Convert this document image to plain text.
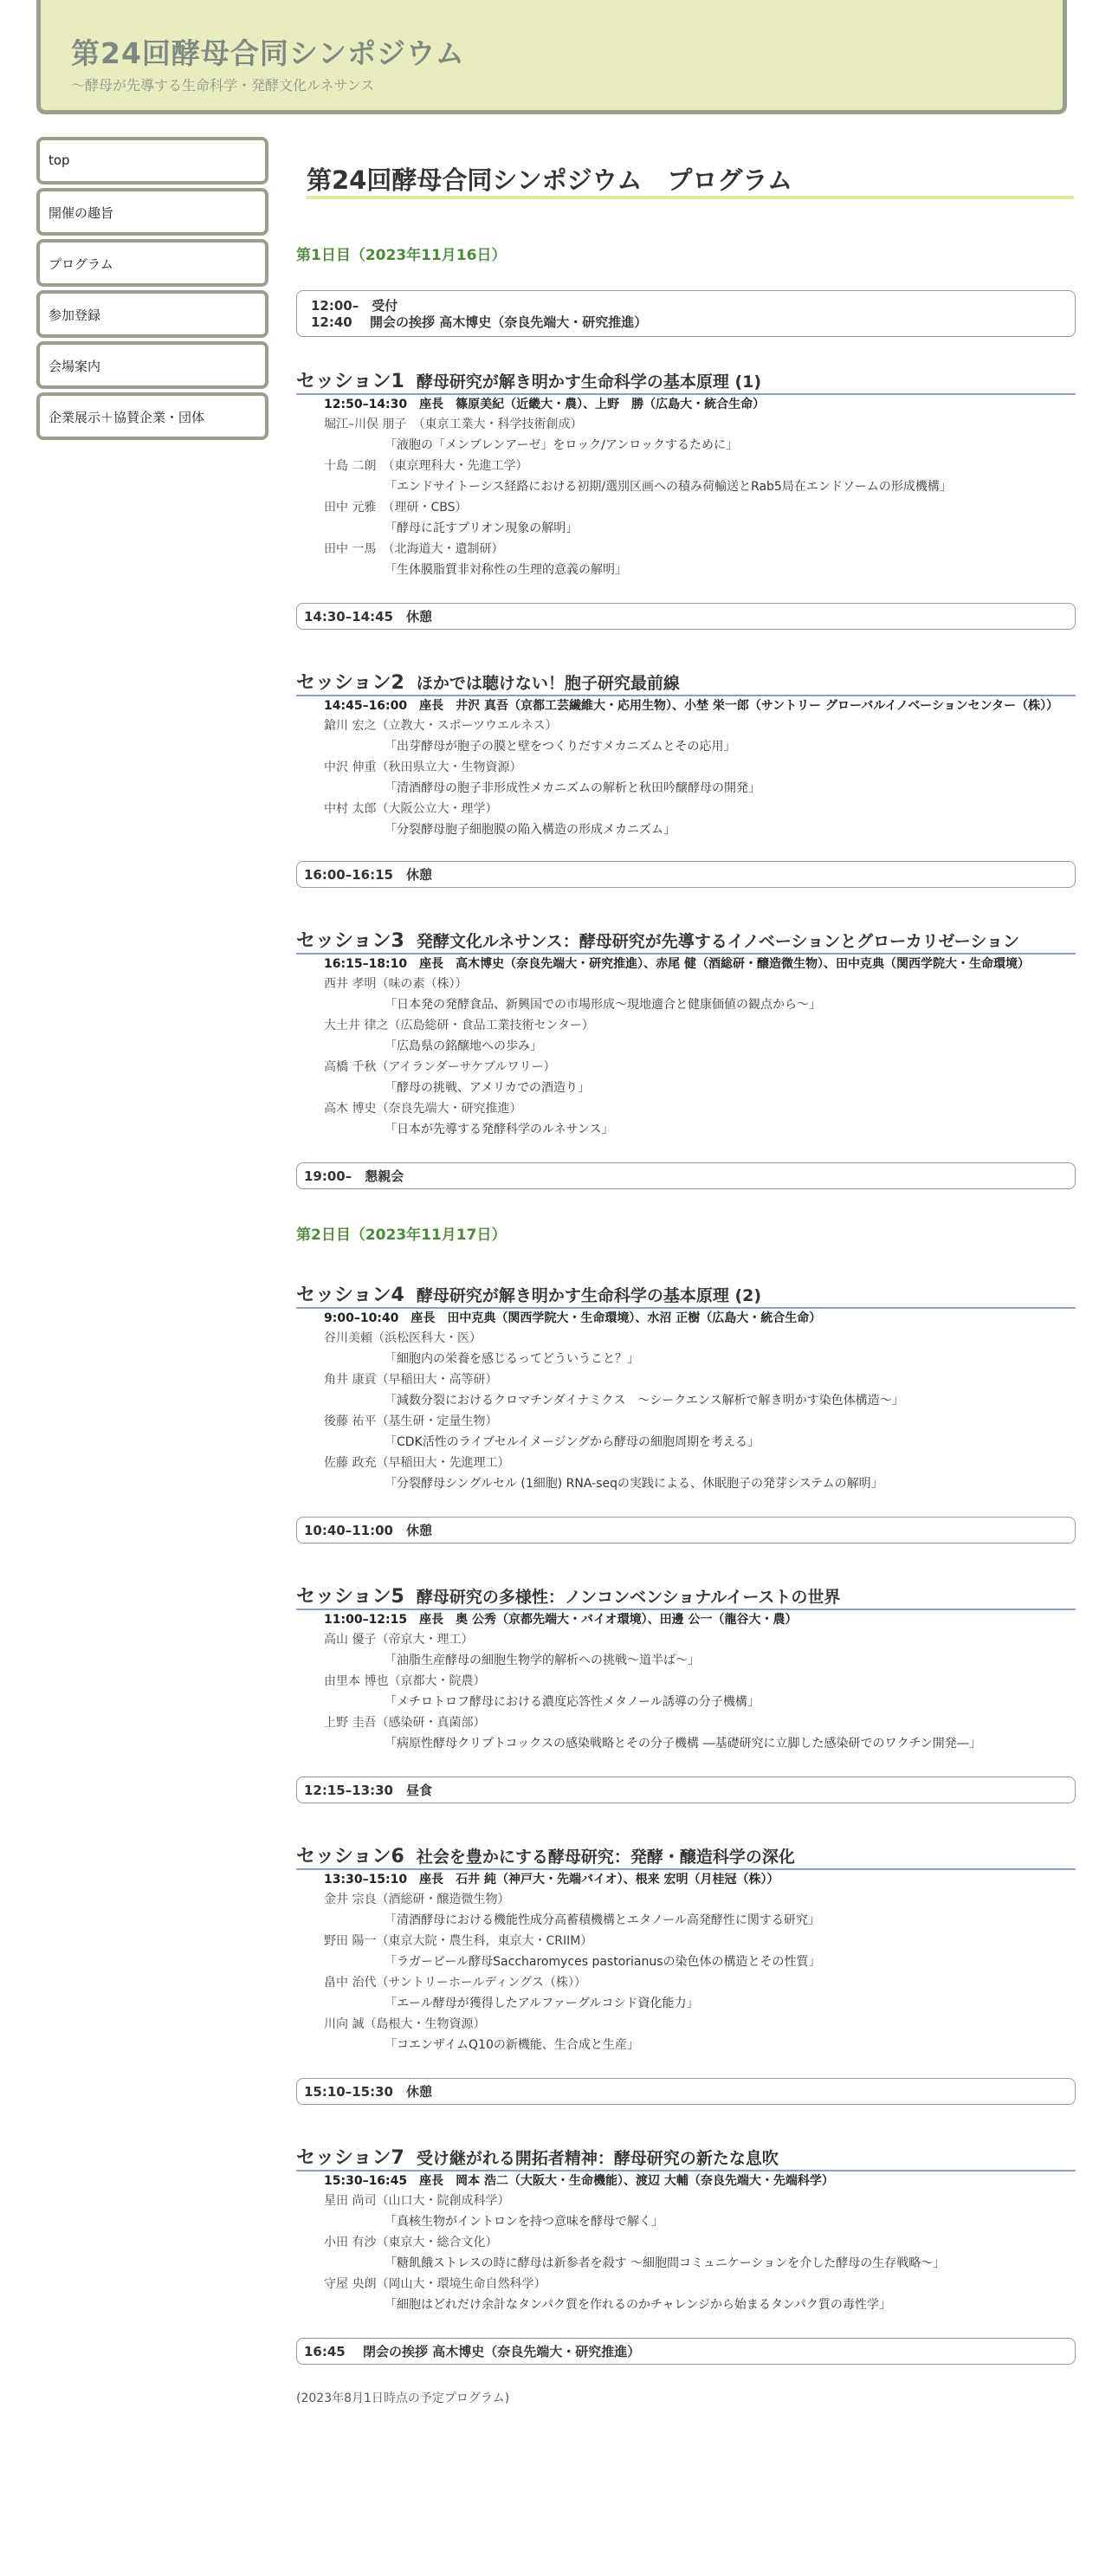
第24回酵母合同シンポジウム
〜酵母が先導する生命科学・発酵文化ルネサンス
top
開催の趣旨
プログラム
参加登録
会場案内
企業展示＋協賛企業・団体
第24回酵母合同シンポジウム　プログラム
第1日目（2023年11月16日）
12:00–　受付
12:40　 開会の挨拶 高木博史（奈良先端大・研究推進）
セッション1 酵母研究が解き明かす生命科学の基本原理 (1)
12:50–14:30　座長　篠原美紀（近畿大・農）、上野　勝（広島大・統合生命）
堀江–川俣 朋子　（東京工業大・科学技術創成）
「液胞の「メンブレンアーゼ」をロック/アンロックするために」
十島 二朗　（東京理科大・先進工学）
「エンドサイトーシス経路における初期/選別区画への積み荷輸送とRab5局在エンドソームの形成機構」
田中 元雅　（理研・CBS）
「酵母に託すプリオン現象の解明」
田中 一馬　（北海道大・遺制研）
「生体膜脂質非対称性の生理的意義の解明」
14:30–14:45　休憩
セッション2 ほかでは聴けない！胞子研究最前線
14:45–16:00　座長　井沢 真吾（京都工芸繊維大・応用生物）、小埜 栄一郎（サントリー グローバルイノベーションセンター（株））
鎗川 宏之（立教大・スポーツウエルネス）
「出芽酵母が胞子の膜と壁をつくりだすメカニズムとその応用」
中沢 伸重（秋田県立大・生物資源）
「清酒酵母の胞子非形成性メカニズムの解析と秋田吟醸酵母の開発」
中村 太郎（大阪公立大・理学）
「分裂酵母胞子細胞膜の陥入構造の形成メカニズム」
16:00–16:15　休憩
セッション3 発酵文化ルネサンス：酵母研究が先導するイノベーションとグローカリゼーション
16:15–18:10　座長　高木博史（奈良先端大・研究推進）、赤尾 健（酒総研・醸造微生物）、田中克典（関西学院大・生命環境）
西井 孝明（味の素（株））
「日本発の発酵食品、新興国での市場形成〜現地適合と健康価値の観点から〜」
大土井 律之（広島総研・食品工業技術センター）
「広島県の銘醸地への歩み」
高橋 千秋（アイランダーサケブルワリー）
「酵母の挑戦、アメリカでの酒造り」
高木 博史（奈良先端大・研究推進）
「日本が先導する発酵科学のルネサンス」
19:00–　懇親会
第2日目（2023年11月17日）
セッション4 酵母研究が解き明かす生命科学の基本原理 (2)
9:00–10:40　座長　田中克典（関西学院大・生命環境）、水沼 正樹（広島大・統合生命）
谷川美頼（浜松医科大・医）
「細胞内の栄養を感じるってどういうこと？」
角井 康貢（早稲田大・高等研）
「減数分裂におけるクロマチンダイナミクス　〜シークエンス解析で解き明かす染色体構造〜」
後藤 祐平（基生研・定量生物）
「CDK活性のライブセルイメージングから酵母の細胞周期を考える」
佐藤 政充（早稲田大・先進理工）
「分裂酵母シングルセル (1細胞) RNA-seqの実践による、休眠胞子の発芽システムの解明」
10:40–11:00　休憩
セッション5 酵母研究の多様性：ノンコンベンショナルイーストの世界
11:00–12:15　座長　奥 公秀（京都先端大・バイオ環境）、田邊 公一（龍谷大・農）
高山 優子（帝京大・理工）
「油脂生産酵母の細胞生物学的解析への挑戦〜道半ば〜」
由里本 博也（京都大・院農）
「メチロトロフ酵母における濃度応答性メタノール誘導の分子機構」
上野 圭吾（感染研・真菌部）
「病原性酵母クリプトコックスの感染戦略とその分子機構 ―基礎研究に立脚した感染研でのワクチン開発―」
12:15–13:30　昼食
セッション6 社会を豊かにする酵母研究：発酵・醸造科学の深化
13:30–15:10　座長　石井 純（神戸大・先端バイオ）、根来 宏明（月桂冠（株））
金井 宗良（酒総研・醸造微生物）
「清酒酵母における機能性成分高蓄積機構とエタノール高発酵性に関する研究」
野田 陽一（東京大院・農生科，東京大・CRIIM）
「ラガービール酵母Saccharomyces pastorianusの染色体の構造とその性質」
畠中 治代（サントリーホールディングス（株））
「エール酵母が獲得したアルファーグルコシド資化能力」
川向 誠（島根大・生物資源）
「コエンザイムQ10の新機能、生合成と生産」
15:10–15:30　休憩
セッション7 受け継がれる開拓者精神：酵母研究の新たな息吹
15:30–16:45　座長　岡本 浩二（大阪大・生命機能）、渡辺 大輔（奈良先端大・先端科学）
星田 尚司（山口大・院創成科学）
「真核生物がイントロンを持つ意味を酵母で解く」
小田 有沙（東京大・総合文化）
「糖飢餓ストレスの時に酵母は新参者を殺す 〜細胞間コミュニケーションを介した酵母の生存戦略〜」
守屋 央朗（岡山大・環境生命自然科学）
「細胞はどれだけ余計なタンパク質を作れるのかチャレンジから始まるタンパク質の毒性学」
16:45　 閉会の挨拶 高木博史（奈良先端大・研究推進）
(2023年8月1日時点の予定プログラム)
